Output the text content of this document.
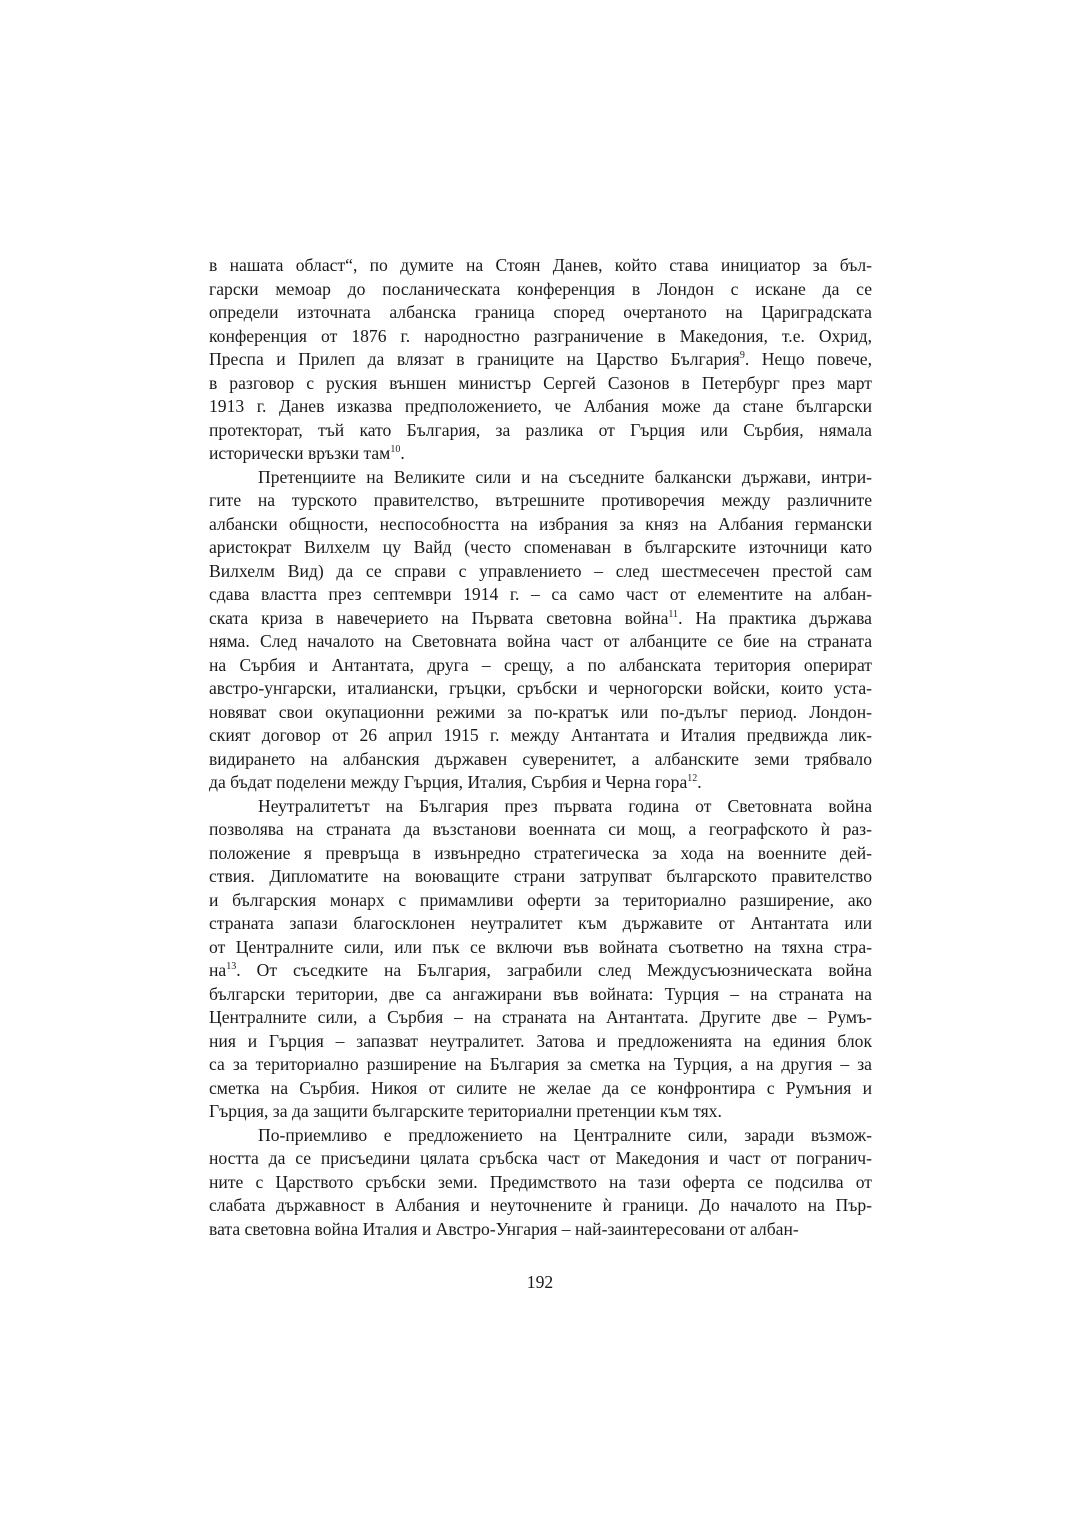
в нашата област“, по думите на Стоян Данев, който става инициатор за бъл-
гарски мемоар до посланическата конференция в Лондон с искане да се
определи източната албанска граница според очертаното на Цариградската
конференция от 1876 г. народностно разграничение в Македония, т.е. Охрид,
Преспа и Прилеп да влязат в границите на Царство България$^9$. Нещо повече,
в разговор с руския външен министър Сергей Сазонов в Петербург през март
1913 г. Данев изказва предположението, че Албания може да стане български
протекторат, тъй като България, за разлика от Гърция или Сърбия, нямала
исторически връзки там$^{10}$.
Претенциите на Великите сили и на съседните балкански държави, интри-
гите на турското правителство, вътрешните противоречия между различните
албански общности, неспособността на избрания за княз на Албания германски
аристократ Вилхелм цу Вайд (често споменаван в българските източници като
Вилхелм Вид) да се справи с управлението – след шестмесечен престой сам
сдава властта през септември 1914 г. – са само част от елементите на албан-
ската криза в навечерието на Първата световна война$^{11}$. На практика държава
няма. След началото на Световната война част от албанците се бие на страната
на Сърбия и Антантата, друга – срещу, а по албанската територия оперират
австро-унгарски, италиански, гръцки, сръбски и черногорски войски, които уста-
новяват свои окупационни режими за по-кратък или по-дълъг период. Лондон-
ският договор от 26 април 1915 г. между Антантата и Италия предвижда лик-
видирането на албанския държавен суверенитет, а албанските земи трябвало
да бъдат поделени между Гърция, Италия, Сърбия и Черна гора$^{12}$.
Неутралитетът на България през първата година от Световната война
позволява на страната да възстанови военната си мощ, а географското ѝ раз-
положение я превръща в извънредно стратегическа за хода на военните дей-
ствия. Дипломатите на воюващите страни затрупват българското правителство
и българския монарх с примамливи оферти за териториално разширение, ако
страната запази благосклонен неутралитет към държавите от Антантата или
от Централните сили, или пък се включи във войната съответно на тяхна стра-
$на^{13}$. От съседките на България, заграбили след Междусъюзническата война
български територии, две са ангажирани във войната: Турция – на страната на
Централните сили, а Сърбия – на страната на Антантата. Другите две – Румъ-
ния и Гърция – запазват неутралитет. Затова и предложенията на единия блок
са за териториално разширение на България за сметка на Турция, а на другия – за
сметка на Сърбия. Никоя от силите не желае да се конфронтира с Румъния и
Гърция, за да защити българските териториални претенции към тях.
По-приемливо е предложението на Централните сили, заради възмож-
ността да се присъедини цялата сръбска част от Македония и част от погранич-
ните с Царството сръбски земи. Предимството на тази оферта се подсилва от
слабата държавност в Албания и неуточнените ѝ граници. До началото на Пър-
вата световна война Италия и Австро-Унгария – най-заинтересовани от албан-
192
